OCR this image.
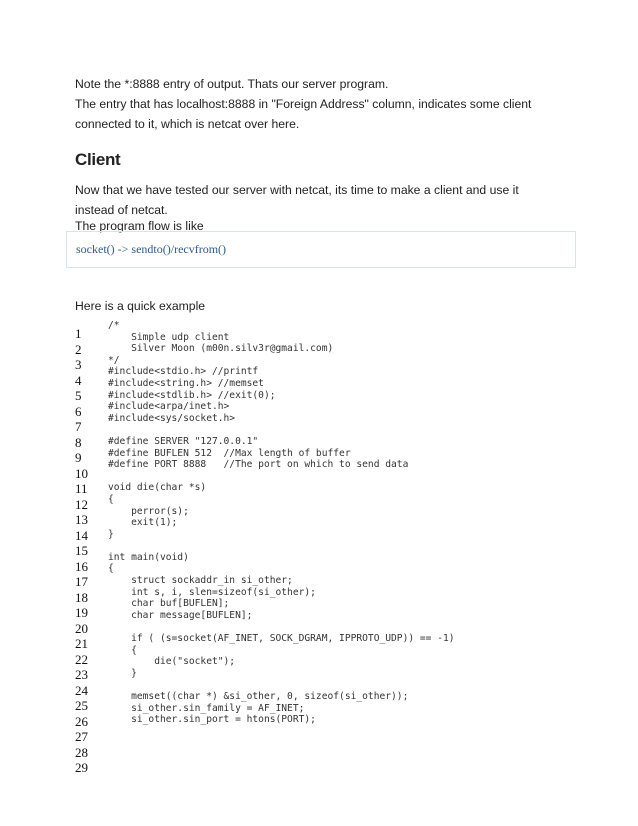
Note the *:8888 entry of output. Thats our server program.

The entry that has localhost:8888 in "Foreign Address" column, indicates some client connected to it, which is netcat over here.

Client

Now that we have tested our server with netcat, its time to make a client and use it instead of netcat.

The program flow is like

socket() -> sendto()/recvfrom()

Here is a quick example

1
2
3
4
5
6
7
8
9
10
11
12
13
14
15
16
17
18
19
20
21
22
23
24
25
26
27
28
29
/*
Simple udp client
Silver Moon (m00n.silv3r@gmail.com)
*/
#include<stdio.h> //printf
#include<string.h> //memset
#include<stdlib.h> //exit(0);
#include<arpa/inet.h>
#include<sys/socket.h>

#define SERVER "127.0.0.1"
#define BUFLEN 512  //Max length of buffer
#define PORT 8888   //The port on which to send data

void die(char *s)
{
perror(s);
exit(1);
}

int main(void)
{
struct sockaddr_in si_other;
int s, i, slen=sizeof(si_other);
char buf[BUFLEN];
char message[BUFLEN];

if ( (s=socket(AF_INET, SOCK_DGRAM, IPPROTO_UDP)) == -1)
{
die("socket");
}

memset((char *) &si_other, 0, sizeof(si_other));
si_other.sin_family = AF_INET;
si_other.sin_port = htons(PORT);
